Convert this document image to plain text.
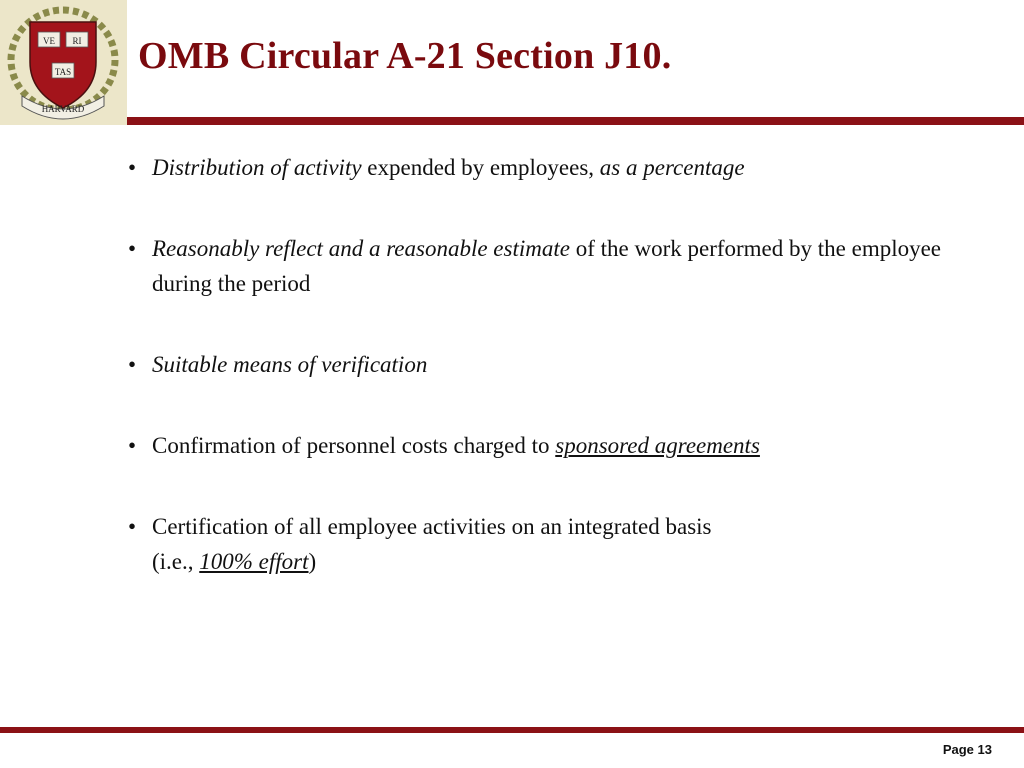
VE RI
TAS
HARVARD
OMB Circular A-21 Section J10.
• Distribution of activity expended by employees, as a percentage
• Reasonably reflect and a reasonable estimate of the work performed by the employee during the period
• Suitable means of verification
• Confirmation of personnel costs charged to sponsored agreements
• Certification of all employee activities on an integrated basis
(i.e., 100% effort)
Page 13
